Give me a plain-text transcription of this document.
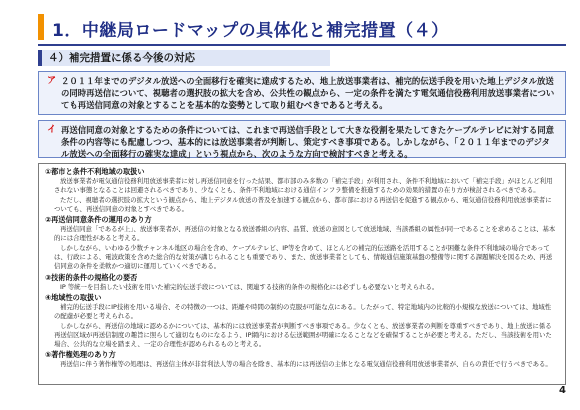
1．中継局ロードマップの具体化と補完措置（４）
４）補完措置に係る今後の対応
ア ２０１１年までのデジタル放送への全面移行を確実に達成するため、地上放送事業者は、補完的伝送手段を用いた地上デジタル放送の同時再送信について、視聴者の選択肢の拡大を含め、公共性の観点から、一定の条件を満たす電気通信役務利用放送事業者についても再送信同意の対象とすることを基本的な姿勢として取り組むべきであると考える。
イ 再送信同意の対象とするための条件については、これまで再送信手段として大きな役割を果たしてきたケーブルテレビに対する同意条件の内容等にも配慮しつつ、基本的には放送事業者が判断し、策定すべき事項である。しかしながら、「２０１１年までのデジタル放送への全面移行の確実な達成」という視点から、次のような方向で検討すべきと考える。
①都市と条件不利地域の取扱い
放送事業者が電気通信役務利用放送事業者に対し再送信同意を行った結果、都市部のみ多数の「補完手段」が利用され、条件不利地域において「補完手段」がほとんど利用されない事態となることは回避されるべきであり、少なくとも、条件不利地域における通信インフラ整備を推進するための効果的措置の在り方が検討されるべきである。
ただし、視聴者の選択肢の拡大という観点から、地上デジタル放送の普及を加速する観点から、都市部における再送信を促進する観点から、電気通信役務利用放送事業者についても、再送信同意の対象とすべきである。
②再送信同意条件の運用のあり方
再送信同意「であるが上」、放送事業者が、再送信の対象となる放送番組の内容、品質、放送の意図として放送地域、当該番組の属性が同一であることを求めることは、基本的には合理性があると考える。
しかしながら、いわゆる少数チャンネル地区の場合を含め、ケーブルテレビ、IP等を含めて、ほとんどの補完的伝送路を活用することが困難な条件不利地域の場合であっては、行政による、電波政策を含めた総合的な対策が講じられることも重要であり、また、放送事業者としても、情報通信施策基盤の整備等に関する課題解決を図るため、再送信同意の条件を柔軟かつ適切に運用していくべきである。
③技術的条件の規格化の要否
IP 等統一を目指したい技術を用いた補完的伝送手段については、関連する技術的条件の規格化には必ずしも必要ないと考えられる。
④地域性の取扱い
補完的伝送手段にIP技術を用いる場合、その特徴の一つは、距離や時間の制約の克服が可能な点にある。したがって、特定地域内の比較的小規模な放送については、地域性の配慮が必要と考えられる。
しかしながら、再送信の地域に認めるかについては、基本的には放送事業者が判断すべき事項である。少なくとも、放送事業者の判断を尊重すべきであり、地上放送に係る再送信区域が再送信制度の趣旨に照らして適切なものになるよう、IP網内における伝送範囲が明確になることなどを確保することが必要と考える。ただし、当該技術を用いた場合、公共的な立場を踏まえ、一定の合理性が認められるものと考える。
⑤著作権処理のあり方
再送信に伴う著作権等の処理は、再送信主体が非営利法人等の場合を除き、基本的には再送信の主体となる電気通信役務利用放送事業者が、自らの責任で行うべきである。
4
